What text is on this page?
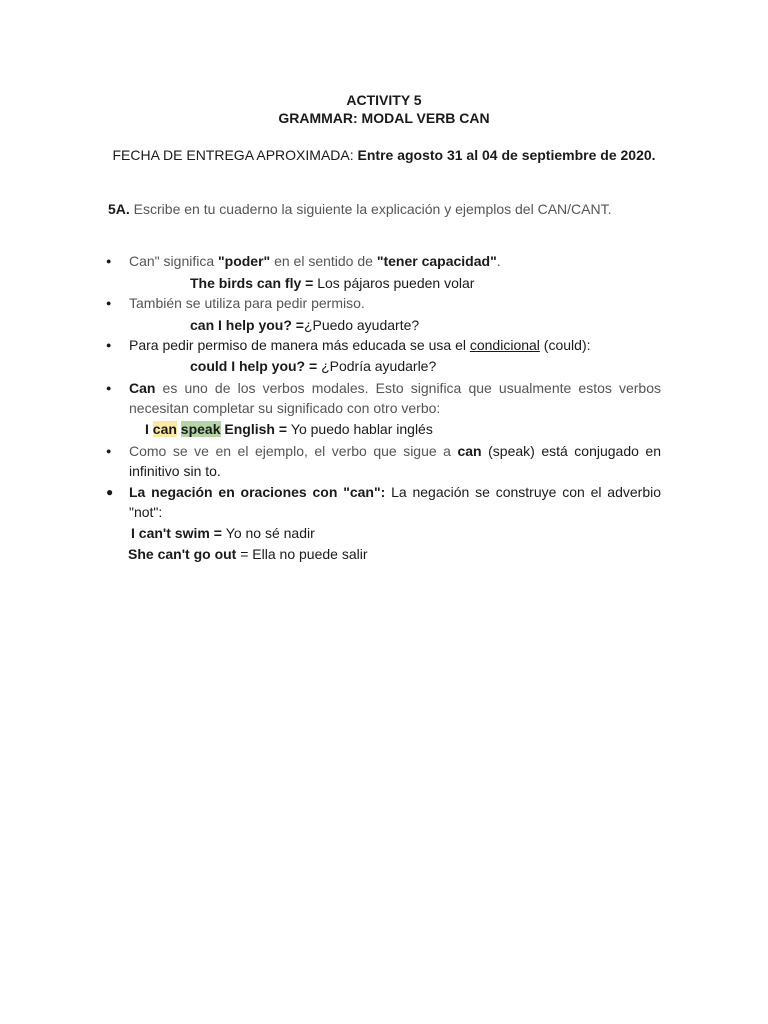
ACTIVITY 5
GRAMMAR: MODAL VERB CAN
FECHA DE ENTREGA APROXIMADA: Entre agosto 31 al 04 de septiembre de 2020.
5A. Escribe en tu cuaderno la siguiente la explicación y ejemplos del CAN/CANT.
● Can" significa "poder" en el sentido de "tener capacidad".
The birds can fly = Los pájaros pueden volar
● También se utiliza para pedir permiso.
can I help you? =¿Puedo ayudarte?
● Para pedir permiso de manera más educada se usa el condicional (could):
could I help you? = ¿Podría ayudarle?
● Can es uno de los verbos modales. Esto significa que usualmente estos verbos necesitan completar su significado con otro verbo:
I can speak English = Yo puedo hablar inglés
● Como se ve en el ejemplo, el verbo que sigue a can (speak) está conjugado en infinitivo sin to.
● La negación en oraciones con "can": La negación se construye con el adverbio "not":
I can't swim = Yo no sé nadir
She can't go out = Ella no puede salir
